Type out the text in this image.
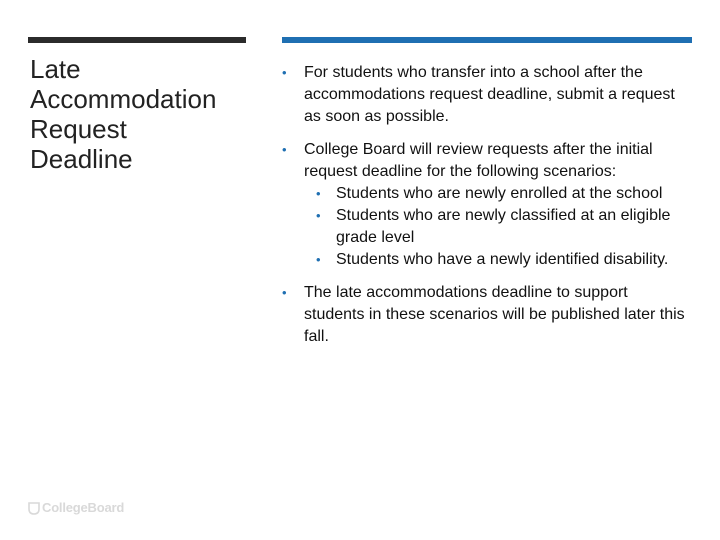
Late
Accommodation
Request
Deadline
• For students who transfer into a school after the accommodations request deadline, submit a request as soon as possible.
• College Board will review requests after the initial request deadline for the following scenarios:
• Students who are newly enrolled at the school
• Students who are newly classified at an eligible grade level
• Students who have a newly identified disability.
• The late accommodations deadline to support students in these scenarios will be published later this fall.
CollegeBoard
